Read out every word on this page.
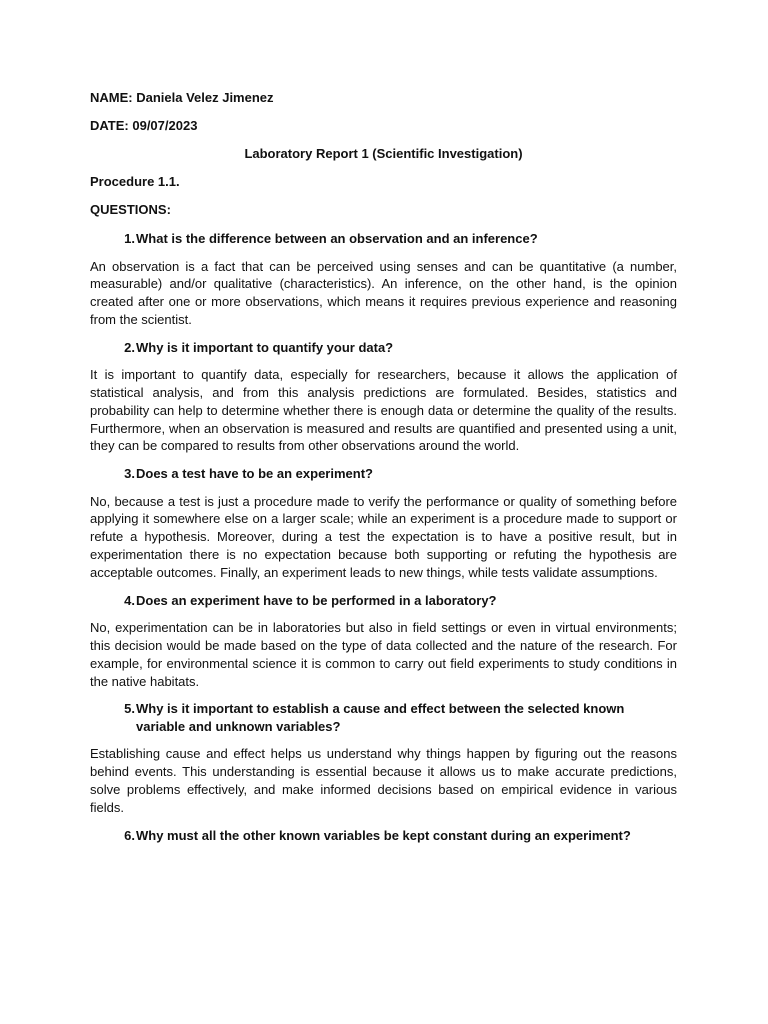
NAME: Daniela Velez Jimenez

DATE: 09/07/2023

Laboratory Report 1 (Scientific Investigation)

Procedure 1.1.

QUESTIONS:

1. What is the difference between an observation and an inference?

An observation is a fact that can be perceived using senses and can be quantitative (a number, measurable) and/or qualitative (characteristics). An inference, on the other hand, is the opinion created after one or more observations, which means it requires previous experience and reasoning from the scientist.

2. Why is it important to quantify your data?

It is important to quantify data, especially for researchers, because it allows the application of statistical analysis, and from this analysis predictions are formulated. Besides, statistics and probability can help to determine whether there is enough data or determine the quality of the results. Furthermore, when an observation is measured and results are quantified and presented using a unit, they can be compared to results from other observations around the world.

3. Does a test have to be an experiment?

No, because a test is just a procedure made to verify the performance or quality of something before applying it somewhere else on a larger scale; while an experiment is a procedure made to support or refute a hypothesis. Moreover, during a test the expectation is to have a positive result, but in experimentation there is no expectation because both supporting or refuting the hypothesis are acceptable outcomes. Finally, an experiment leads to new things, while tests validate assumptions.

4. Does an experiment have to be performed in a laboratory?

No, experimentation can be in laboratories but also in field settings or even in virtual environments; this decision would be made based on the type of data collected and the nature of the research. For example, for environmental science it is common to carry out field experiments to study conditions in the native habitats.

5. Why is it important to establish a cause and effect between the selected known variable and unknown variables?

Establishing cause and effect helps us understand why things happen by figuring out the reasons behind events. This understanding is essential because it allows us to make accurate predictions, solve problems effectively, and make informed decisions based on empirical evidence in various fields.

6. Why must all the other known variables be kept constant during an experiment?
